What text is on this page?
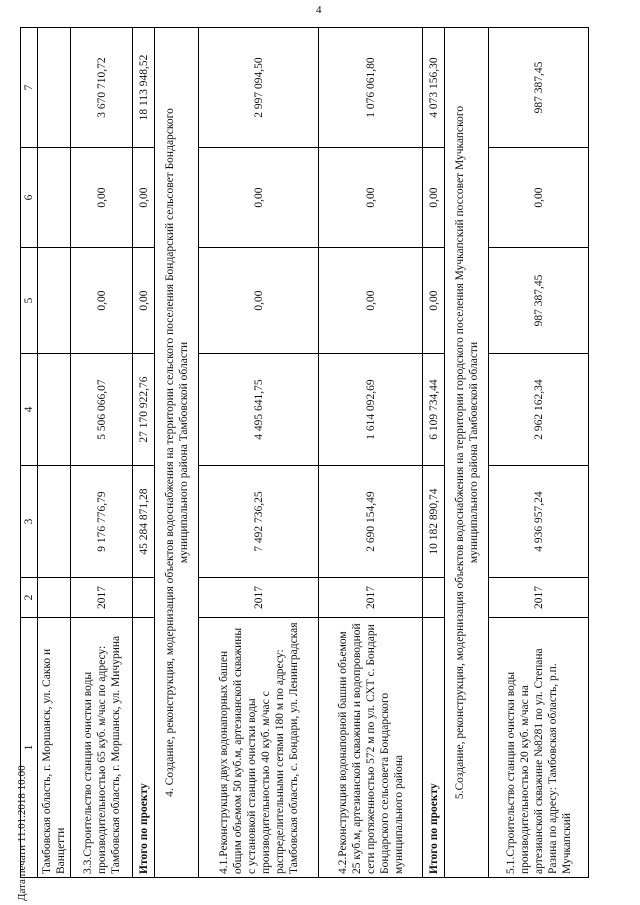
4
1	2	3	4	5	6	7
Тамбовская область, г. Моршанск, ул. Сакко и Ванцетти						
3.3.Строительство станции очистки воды производительностью 65 куб. м/час по адресу: Тамбовская область, г. Моршанск, ул. Мичурина	2017	9 176 776,79	5 506 066,07	0,00	0,00	3 670 710,72
Итого по проекту		45 284 871,28	27 170 922,76	0,00	0,00	18 113 948,52
4. Создание, реконструкция, модернизация объектов водоснабжения на территории сельского поселения Бондарский сельсовет Бондарского муниципального района Тамбовской области						
4.1.Реконструкция двух водонапорных башен общим объемом 50 куб.м, артезианской скважины с установкой станции очистки воды производительностью 40 куб. м/час с распределительными сетями 180 м по адресу: Тамбовская область, с. Бондари, ул. Ленинградская	2017	7 492 736,25	4 495 641,75	0,00	0,00	2 997 094,50
4.2.Реконструкция водонапорной башни объемом 25 куб.м, артезианской скважины и водопроводной сети протяженностью 572 м по ул. СХТ с. Бондари Бондарского сельсовета Бондарского муниципального района	2017	2 690 154,49	1 614 092,69	0,00	0,00	1 076 061,80
Итого по проекту		10 182 890,74	6 109 734,44	0,00	0,00	4 073 156,30
5.Создание, реконструкция, модернизация объектов водоснабжения на территории городского поселения Мучкапский поссовет Мучкапского муниципального района Тамбовской области						
5.1.Строительство станции очистки воды производительностью 20 куб. м/час на артезианской скважине №8281 по ул. Степана Разина по адресу: Тамбовская область, р.п. Мучкапский	2017	4 936 957,24	2 962 162,34	987 387,45	0,00	987 387,45
Дата печати 11.01.2018 10:00
